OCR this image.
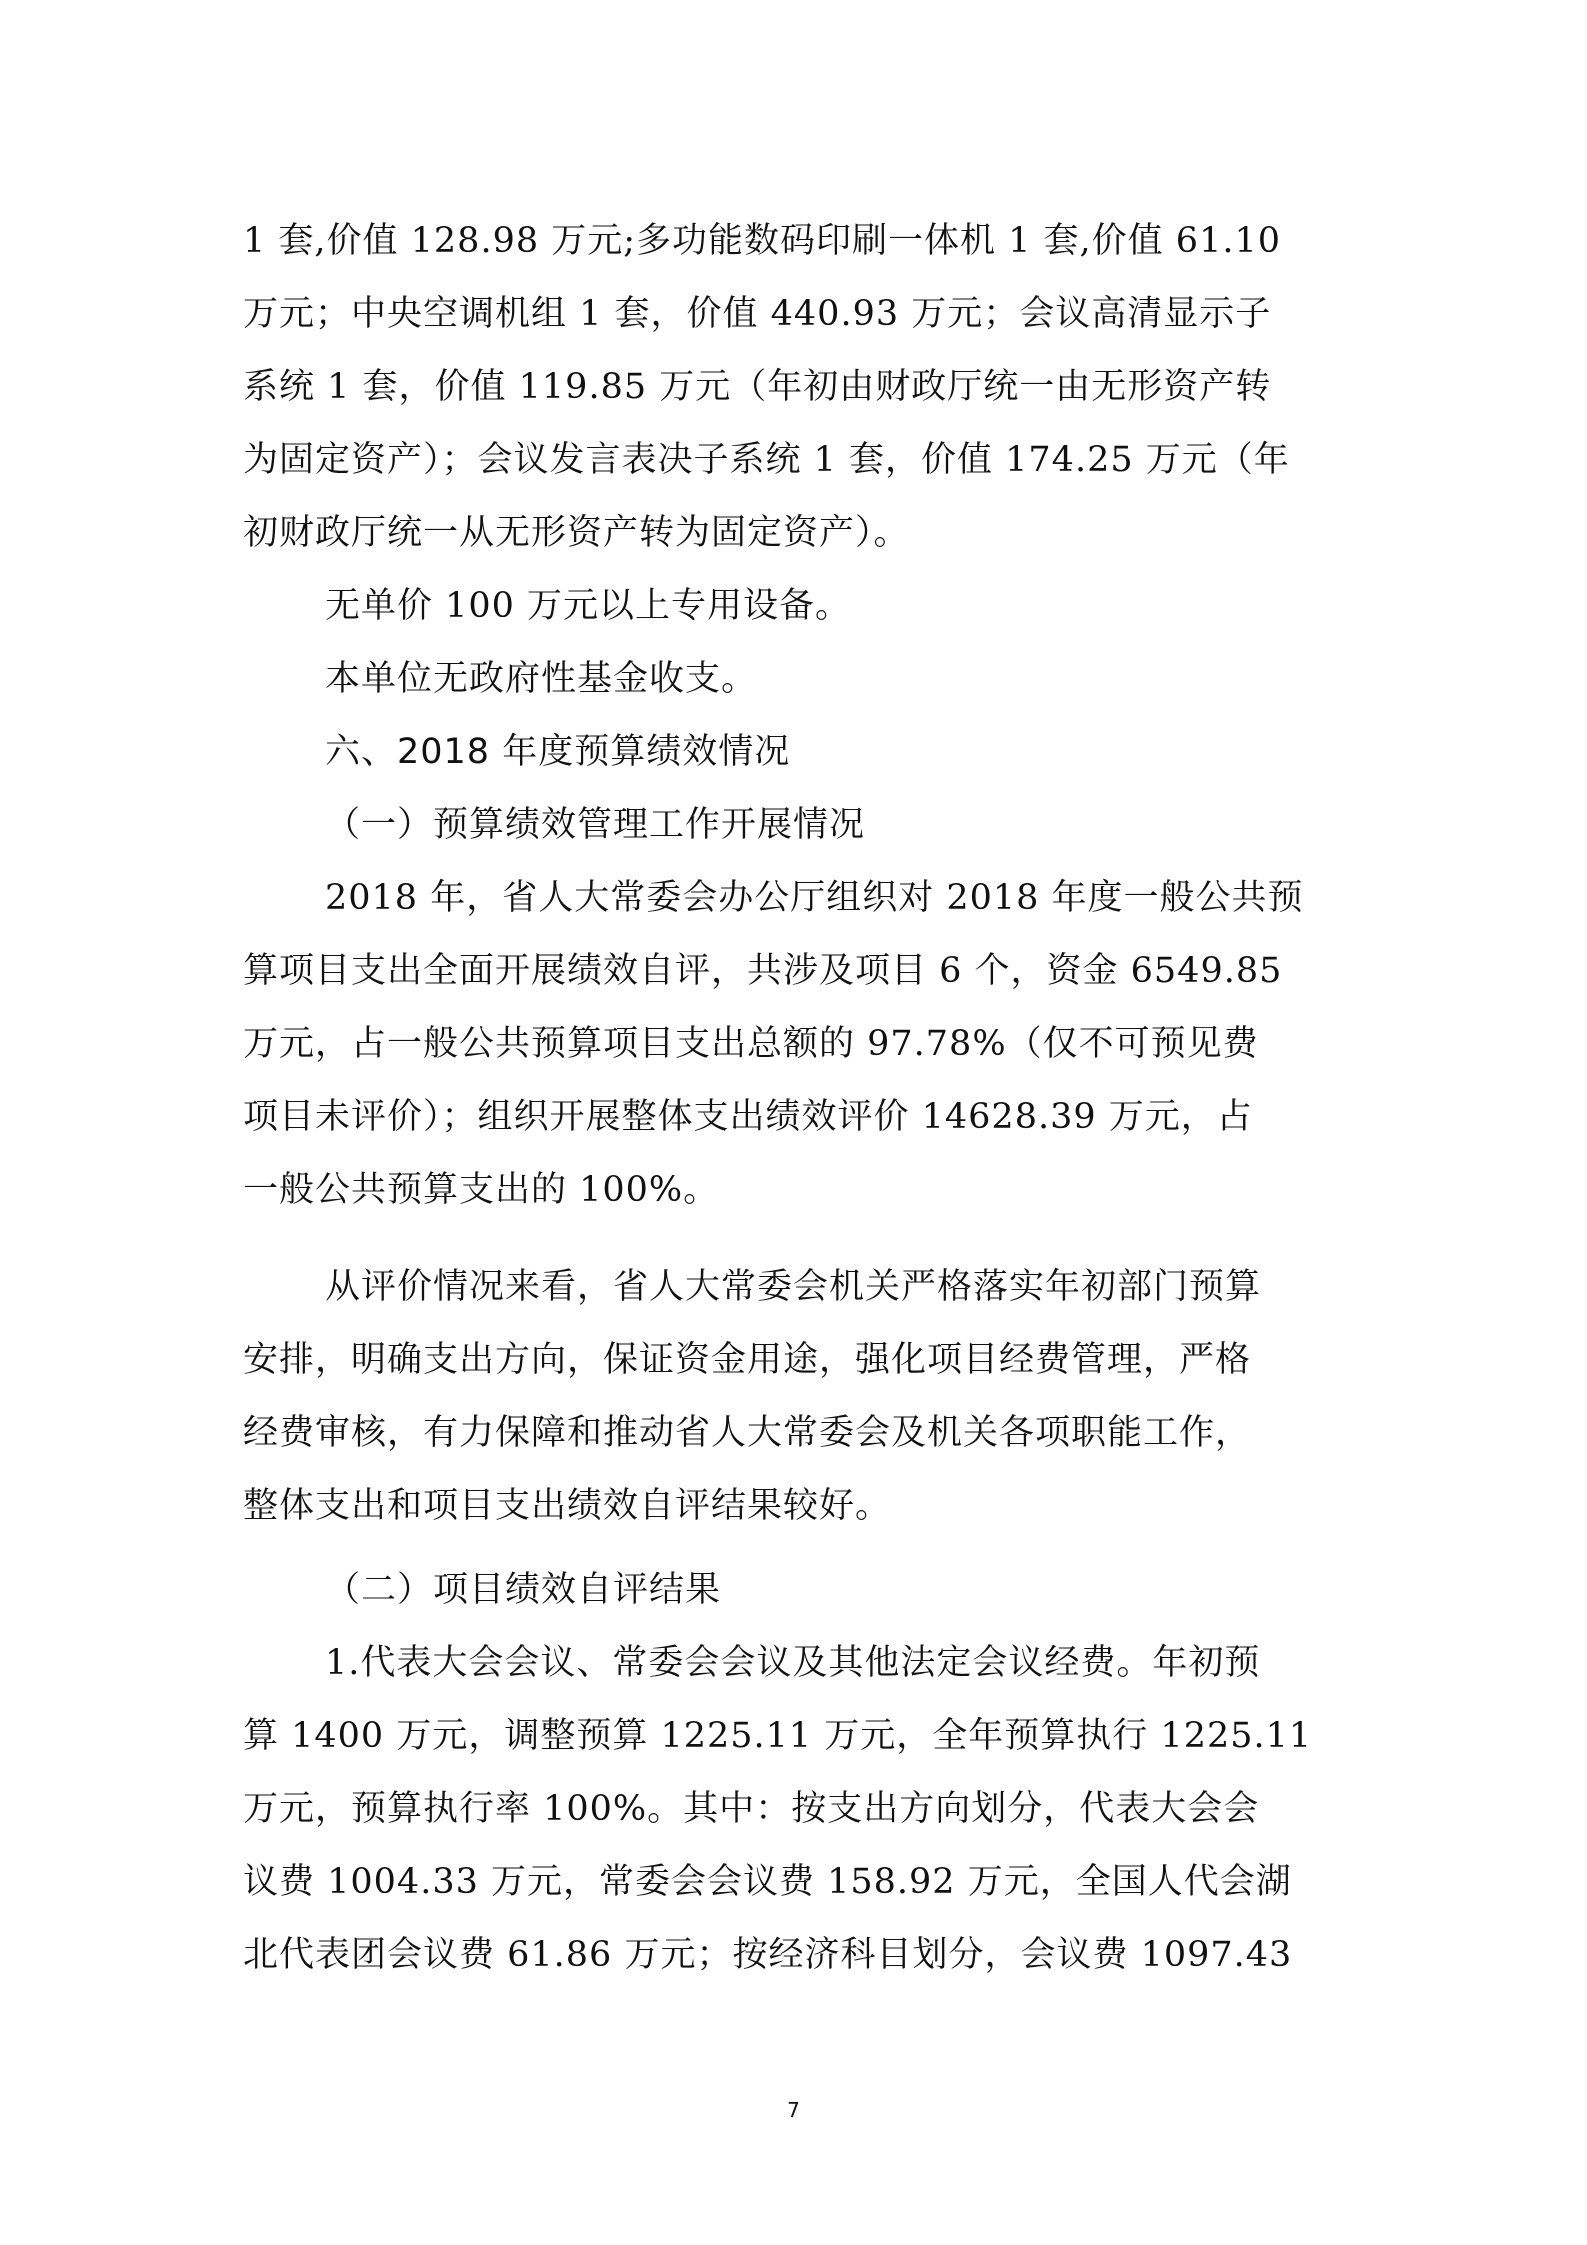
1 套,价值 128.98 万元;多功能数码印刷一体机 1 套,价值 61.10
万元；中央空调机组 1 套，价值 440.93 万元；会议高清显示子
系统 1 套，价值 119.85 万元（年初由财政厅统一由无形资产转
为固定资产）；会议发言表决子系统 1 套，价值 174.25 万元（年
初财政厅统一从无形资产转为固定资产）。
无单价 100 万元以上专用设备。
本单位无政府性基金收支。
六、2018 年度预算绩效情况
（一）预算绩效管理工作开展情况
2018 年，省人大常委会办公厅组织对 2018 年度一般公共预
算项目支出全面开展绩效自评，共涉及项目 6 个，资金 6549.85
万元，占一般公共预算项目支出总额的 97.78%（仅不可预见费
项目未评价）；组织开展整体支出绩效评价 14628.39 万元，占
一般公共预算支出的 100%。
从评价情况来看，省人大常委会机关严格落实年初部门预算
安排，明确支出方向，保证资金用途，强化项目经费管理，严格
经费审核，有力保障和推动省人大常委会及机关各项职能工作，
整体支出和项目支出绩效自评结果较好。
（二）项目绩效自评结果
1.代表大会会议、常委会会议及其他法定会议经费。年初预
算 1400 万元，调整预算 1225.11 万元，全年预算执行 1225.11
万元，预算执行率 100%。其中：按支出方向划分，代表大会会
议费 1004.33 万元，常委会会议费 158.92 万元，全国人代会湖
北代表团会议费 61.86 万元；按经济科目划分，会议费 1097.43
7
